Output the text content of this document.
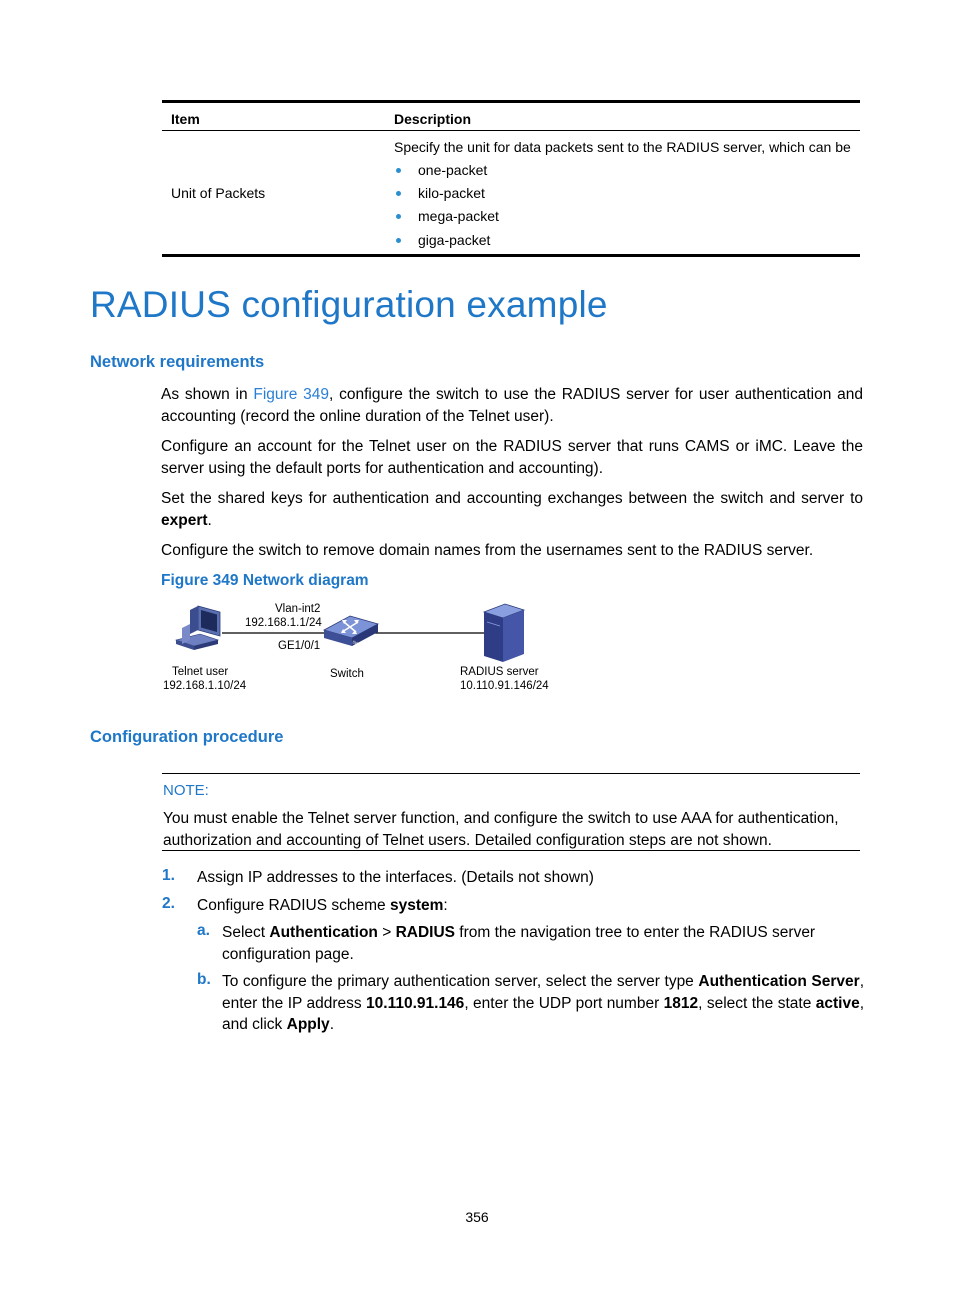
Item	Description
Unit of Packets
Specify the unit for data packets sent to the RADIUS server, which can be
one-packet
kilo-packet
mega-packet
giga-packet
RADIUS configuration example
Network requirements

As shown in Figure 349, configure the switch to use the RADIUS server for user authentication and accounting (record the online duration of the Telnet user).

Configure an account for the Telnet user on the RADIUS server that runs CAMS or iMC. Leave the server using the default ports for authentication and accounting).

Set the shared keys for authentication and accounting exchanges between the switch and server to expert.

Configure the switch to remove domain names from the usernames sent to the RADIUS server.

Figure 349 Network diagram
SWITCH
Vlan-int2
192.168.1.1/24
GE1/0/1
Telnet user
192.168.1.10/24
Switch	RADIUS server
10.110.91.146/24
Configuration procedure
NOTE:
You must enable the Telnet server function, and configure the switch to use AAA for authentication, authorization and accounting of Telnet users. Detailed configuration steps are not shown.
1. Assign IP addresses to the interfaces. (Details not shown)
2. Configure RADIUS scheme system:
a. Select Authentication > RADIUS from the navigation tree to enter the RADIUS server configuration page.
b. To configure the primary authentication server, select the server type Authentication Server, enter the IP address 10.110.91.146, enter the UDP port number 1812, select the state active, and click Apply.
356
